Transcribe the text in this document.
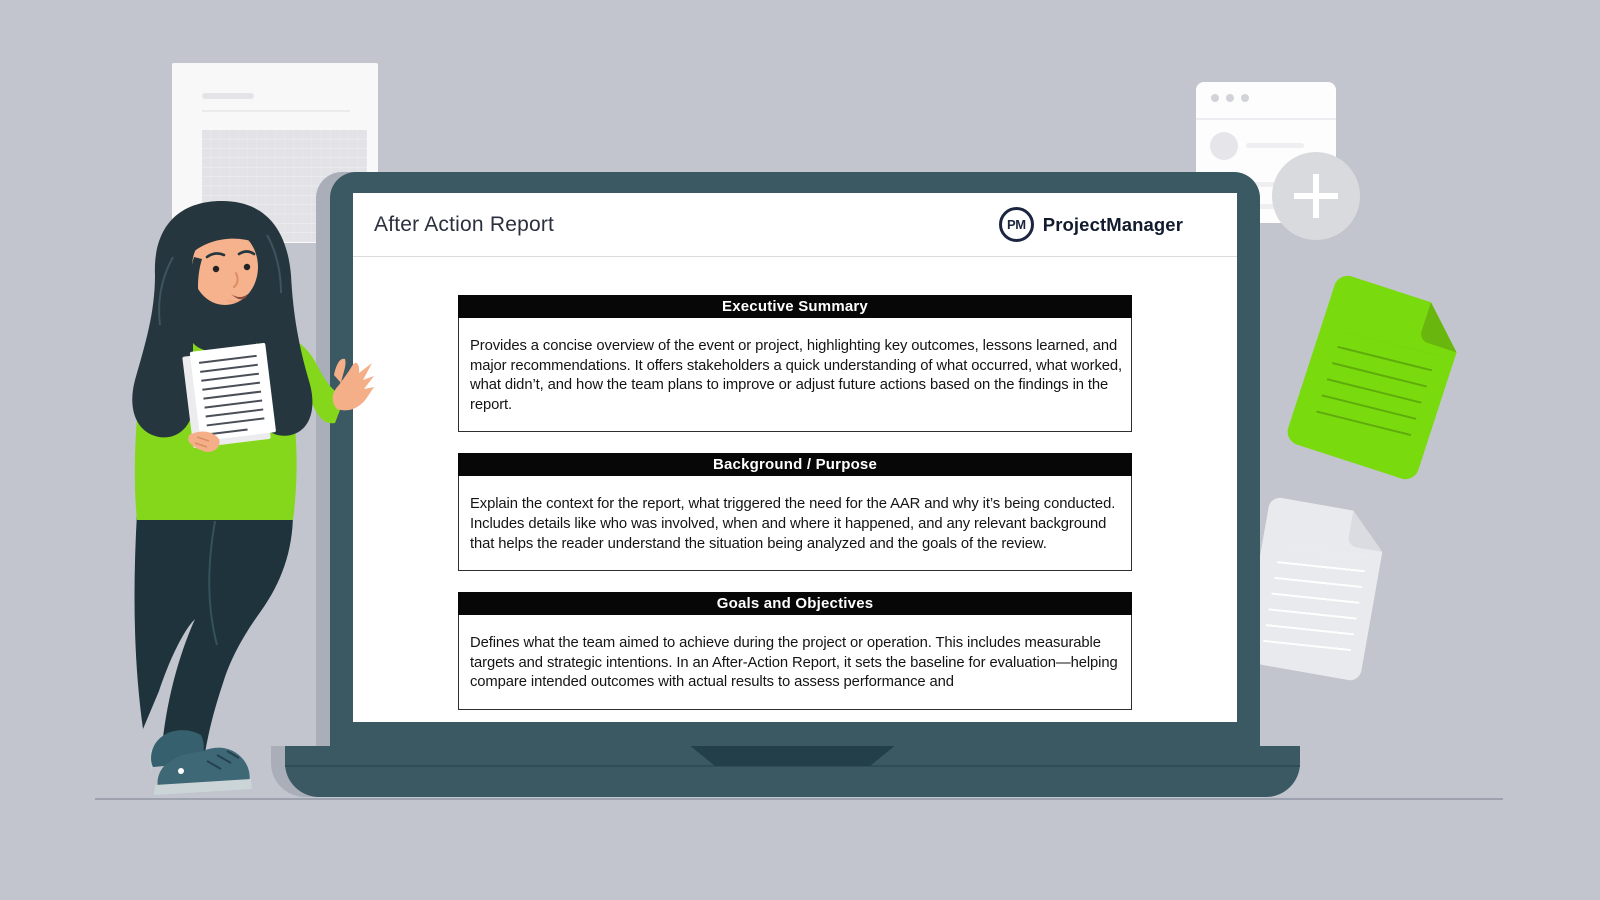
After Action Report	PM ProjectManager
Executive Summary
Provides a concise overview of the event or project, highlighting key outcomes, lessons learned, and major recommendations. It offers stakeholders a quick understanding of what occurred, what worked, what didn’t, and how the team plans to improve or adjust future actions based on the findings in the report.
Background / Purpose
Explain the context for the report, what triggered the need for the AAR and why it’s being conducted. Includes details like who was involved, when and where it happened, and any relevant background that helps the reader understand the situation being analyzed and the goals of the review.
Goals and Objectives
Defines what the team aimed to achieve during the project or operation. This includes measurable targets and strategic intentions. In an After-Action Report, it sets the baseline for evaluation—helping compare intended outcomes with actual results to assess performance and
